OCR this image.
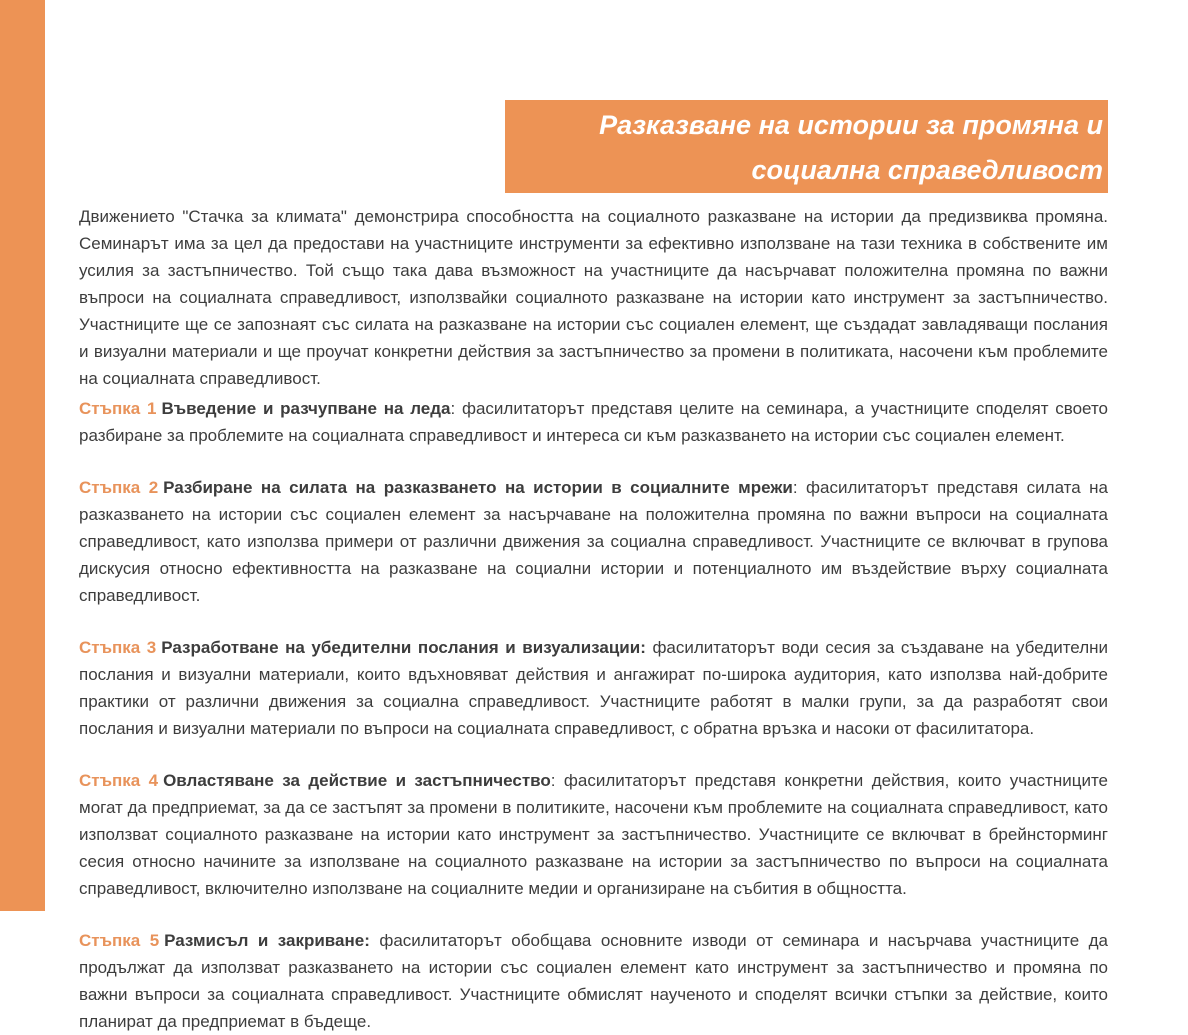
Разказване на истории за промяна и
социална справедливост

Движението "Стачка за климата" демонстрира способността на социалното разказване на истории да предизвиква промяна. Семинарът има за цел да предостави на участниците инструменти за ефективно използване на тази техника в собствените им усилия за застъпничество. Той също така дава възможност на участниците да насърчават положителна промяна по важни въпроси на социалната справедливост, използвайки социалното разказване на истории като инструмент за застъпничество. Участниците ще се запознаят със силата на разказване на истории със социален елемент, ще създадат завладяващи послания и визуални материали и ще проучат конкретни действия за застъпничество за промени в политиката, насочени към проблемите на социалната справедливост.

Стъпка 1 Въведение и разчупване на леда: фасилитаторът представя целите на семинара, а участниците споделят своето разбиране за проблемите на социалната справедливост и интереса си към разказването на истории със социален елемент.

Стъпка 2 Разбиране на силата на разказването на истории в социалните мрежи: фасилитаторът представя силата на разказването на истории със социален елемент за насърчаване на положителна промяна по важни въпроси на социалната справедливост, като използва примери от различни движения за социална справедливост. Участниците се включват в групова дискусия относно ефективността на разказване на социални истории и потенциалното им въздействие върху социалната справедливост.

Стъпка 3 Разработване на убедителни послания и визуализации: фасилитаторът води сесия за създаване на убедителни послания и визуални материали, които вдъхновяват действия и ангажират по-широка аудитория, като използва най-добрите практики от различни движения за социална справедливост. Участниците работят в малки групи, за да разработят свои послания и визуални материали по въпроси на социалната справедливост, с обратна връзка и насоки от фасилитатора.

Стъпка 4 Овластяване за действие и застъпничество: фасилитаторът представя конкретни действия, които участниците могат да предприемат, за да се застъпят за промени в политиките, насочени към проблемите на социалната справедливост, като използват социалното разказване на истории като инструмент за застъпничество. Участниците се включват в брейнсторминг сесия относно начините за използване на социалното разказване на истории за застъпничество по въпроси на социалната справедливост, включително използване на социалните медии и организиране на събития в общността.

Стъпка 5 Размисъл и закриване: фасилитаторът обобщава основните изводи от семинара и насърчава участниците да продължат да използват разказването на истории със социален елемент като инструмент за застъпничество и промяна по важни въпроси за социалната справедливост. Участниците обмислят наученото и споделят всички стъпки за действие, които планират да предприемат в бъдеще.
